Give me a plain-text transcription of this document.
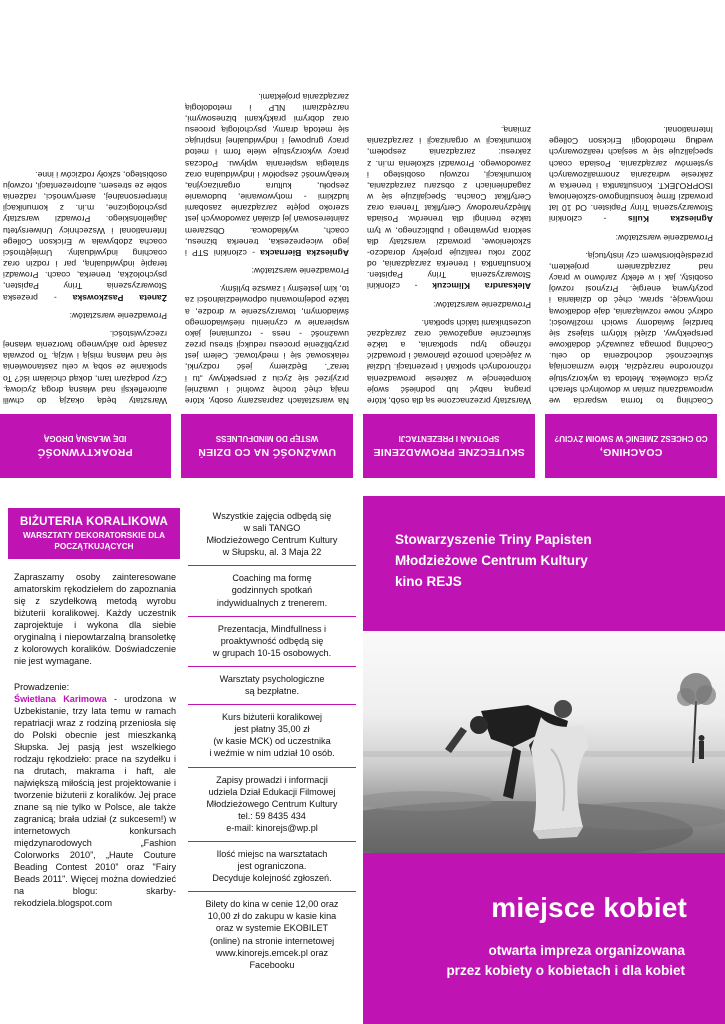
COACHING,
CO CHCESZ ZMIENIĆ W SWOIM ŻYCIU?

Coaching to forma wsparcia we wprowadzaniu zmian w dowolnych sferach życia człowieka. Metoda ta wykorzystuje różnorodne narzędzia, które wzmacniają skuteczność dochodzenia do celu. Coaching pomaga zauważyć dodatkowe perspektywy, dzięki którym stajesz się bardziej świadomy swoich możliwości; odkryć nowe rozwiązania, daje dodatkową motywację, spraw, chęć do działania i pozytywną energię. Przynosi rozwój osobisty, jak i w efekty zarówno w pracy nad zarządzaniem projektem, przedsiębiorstwem czy instytucją.

Prowadzenie warsztatów:

Agnieszka Kulis - członkini Stowarzyszenia Triny Papisten. Od 10 lat prowadzi firmę konsultingowo-szkoleniową ISOPROJEKT. Konsultantka i trenerka w zakresie wdrażania znormalizowanych systemów zarządzania. Posiada coach specjalizuje się w sesjach realizowanych według metodologii Erickson College International.

SKUTECZNE PROWADZENIE
SPOTKAŃ I PREZENTACJI

Warsztaty przeznaczone są dla osób, które pragną nabyć lub podnieść swoje kompetencje w zakresie prowadzenia różnorodnych spotkań i prezentacji. Udział w zajęciach pomoże planować i prowadzić różnego typu spotkania, a także skutecznie angażować oraz zarządzać uczestnikami takich spotkań.

Prowadzenie warsztatów:

Aleksandra Klimczuk - członkini Stowarzyszenia Triny Papisten. Konsultantka i trenerka zarządzania, od 2002 roku realizuje projekty doradczo-szkoleniowe, prowadzi warsztaty dla sektora prywatnego i publicznego, w tym także treningi dla trenerów. Posiada Międzynarodowy Certyfikat Trenera oraz Certyfikat Coacha. Specjalizuje się w zagadnieniach z obszaru zarządzania, komunikacji, rozwoju osobistego i zawodowego. Prowadzi szkolenia m.in. z zakresu: zarządzania zespołem, komunikacji w organizacji i zarządzania zmianą.

UWAŻNOŚĆ NA CO DZIEŃ
WSTĘP DO MINDFULNESS

Na warsztatach zapraszamy osoby, które mają chęć trochę zwolnić i uważniej przyjrzeć się życiu z perspektywy „tu i teraz”. Będziemy jeść rodzynki, relaksować się i medytować. Celem jest przybliżenie procesu redukcji stresu przez uważność - ness - rozumianej jako wspieranie w czynieniu nieświadomego świadomym, towarzyszenie w drodze, a także podejmowaniu odpowiedzialności za to, kim jesteśmy i zawsze byliśmy.

Prowadzenie warsztatów:

Agnieszka Biernacka - członkini STP i jego wiceprezeska, trenerka biznesu, coach, wykładowca. Obszarem zainteresowań jej działań zawodowych jest szeroko pojęte zarządzanie zasobami ludzkimi - motywowanie, budowanie zespołu, kultura organizacyjna, kreatywność zespołów i indywidualna oraz strategia wspierania wpływu. Podczas pracy wykorzystuje wiele form i metod pracy grupowej i indywidualnej inspirując się metodą dramy, psychologią procesu oraz dobrymi praktykami biznesowymi, narzędziami NLP i metodologią zarządzania projektami.

PROAKTYWNOŚĆ
IDĘ WŁASNĄ DROGĄ

Warsztaty będą okazją do chwili autorefleksji nad własną drogą życiową. Czy podążam tam, dokąd chciałam iść? To spotkanie ze sobą w celu zastanowienia się nad własną misją i wizją. To pozwala zasadę pro aktywnego tworzenia własnej rzeczywistości.

Prowadzenie warsztatów:

Żaneta Paszkowska - prezeska Stowarzyszenia Triny Papisten, psycholożka, trenerka, coach. Prowadzi terapię indywidualną, par i rodzin oraz coaching indywidualny. Umiejętności coacha zdobywała w Erickson College International i Wszechnicy Uniwersytetu Jagiellońskiego. Prowadzi warsztaty psychologiczne, m.in. z komunikacji interpersonalnej, asertywności, radzenia sobie ze stresem, autoprezentacji, rozwoju osobistego, szkoły rodziców i inne.

BIŻUTERIA KORALIKOWA
WARSZTATY DEKORATORSKIE DLA POCZĄTKUJĄCYCH

Zapraszamy osoby zainteresowane amatorskim rękodziełem do zapoznania się z szydełkową metodą wyrobu biżuterii koralikowej. Każdy uczestnik zaprojektuje i wykona dla siebie oryginalną i niepowtarzalną bransoletkę z kolorowych koralików. Doświadczenie nie jest wymagane.

Prowadzenie:

Świetłana Karimowa - urodzona w Uzbekistanie, trzy lata temu w ramach repatriacji wraz z rodziną przeniosła się do Polski obecnie jest mieszkanką Słupska. Jej pasją jest wszelkiego rodzaju rękodzieło: prace na szydełku i na drutach, makrama i haft, ale największą miłością jest projektowanie i tworzenie biżuterii z koralików. Jej prace znane są nie tylko w Polsce, ale także zagranicą; brała udział (z sukcesem!) w internetowych konkursach międzynarodowych „Fashion Colorworks 2010”, „Haute Couture Beading Contest 2010” oraz "Fairy Beads 2011". Więcej można dowiedzieć na blogu: skarby-rekodziela.blogspot.com

Wszystkie zajęcia odbędą się
w sali TANGO
Młodzieżowego Centrum Kultury
w Słupsku, al. 3 Maja 22
Coaching ma formę
godzinnych spotkań
indywidualnych z trenerem.
Prezentacja, Mindfullness i
proaktywność odbędą się
w grupach 10-15 osobowych.
Warsztaty psychologiczne
są bezpłatne.
Kurs biżuterii koralikowej
jest płatny 35,00 zł
(w kasie MCK) od uczestnika
i weźmie w nim udział 10 osób.
Zapisy prowadzi i informacji
udziela Dział Edukacji Filmowej
Młodzieżowego Centrum Kultury
tel.: 59 8435 434
e-mail: kinorejs@wp.pl
Ilość miejsc na warsztatach
jest ograniczona.
Decyduje kolejność zgłoszeń.
Bilety do kina w cenie 12,00 oraz
10,00 zł do zakupu w kasie kina
oraz w systemie EKOBILET
(online) na stronie internetowej
www.kinorejs.emcek.pl oraz
Facebooku
Stowarzyszenie Triny Papisten
Młodzieżowe Centrum Kultury
kino REJS
miejsce kobiet
otwarta impreza organizowana
przez kobiety o kobietach i dla kobiet
